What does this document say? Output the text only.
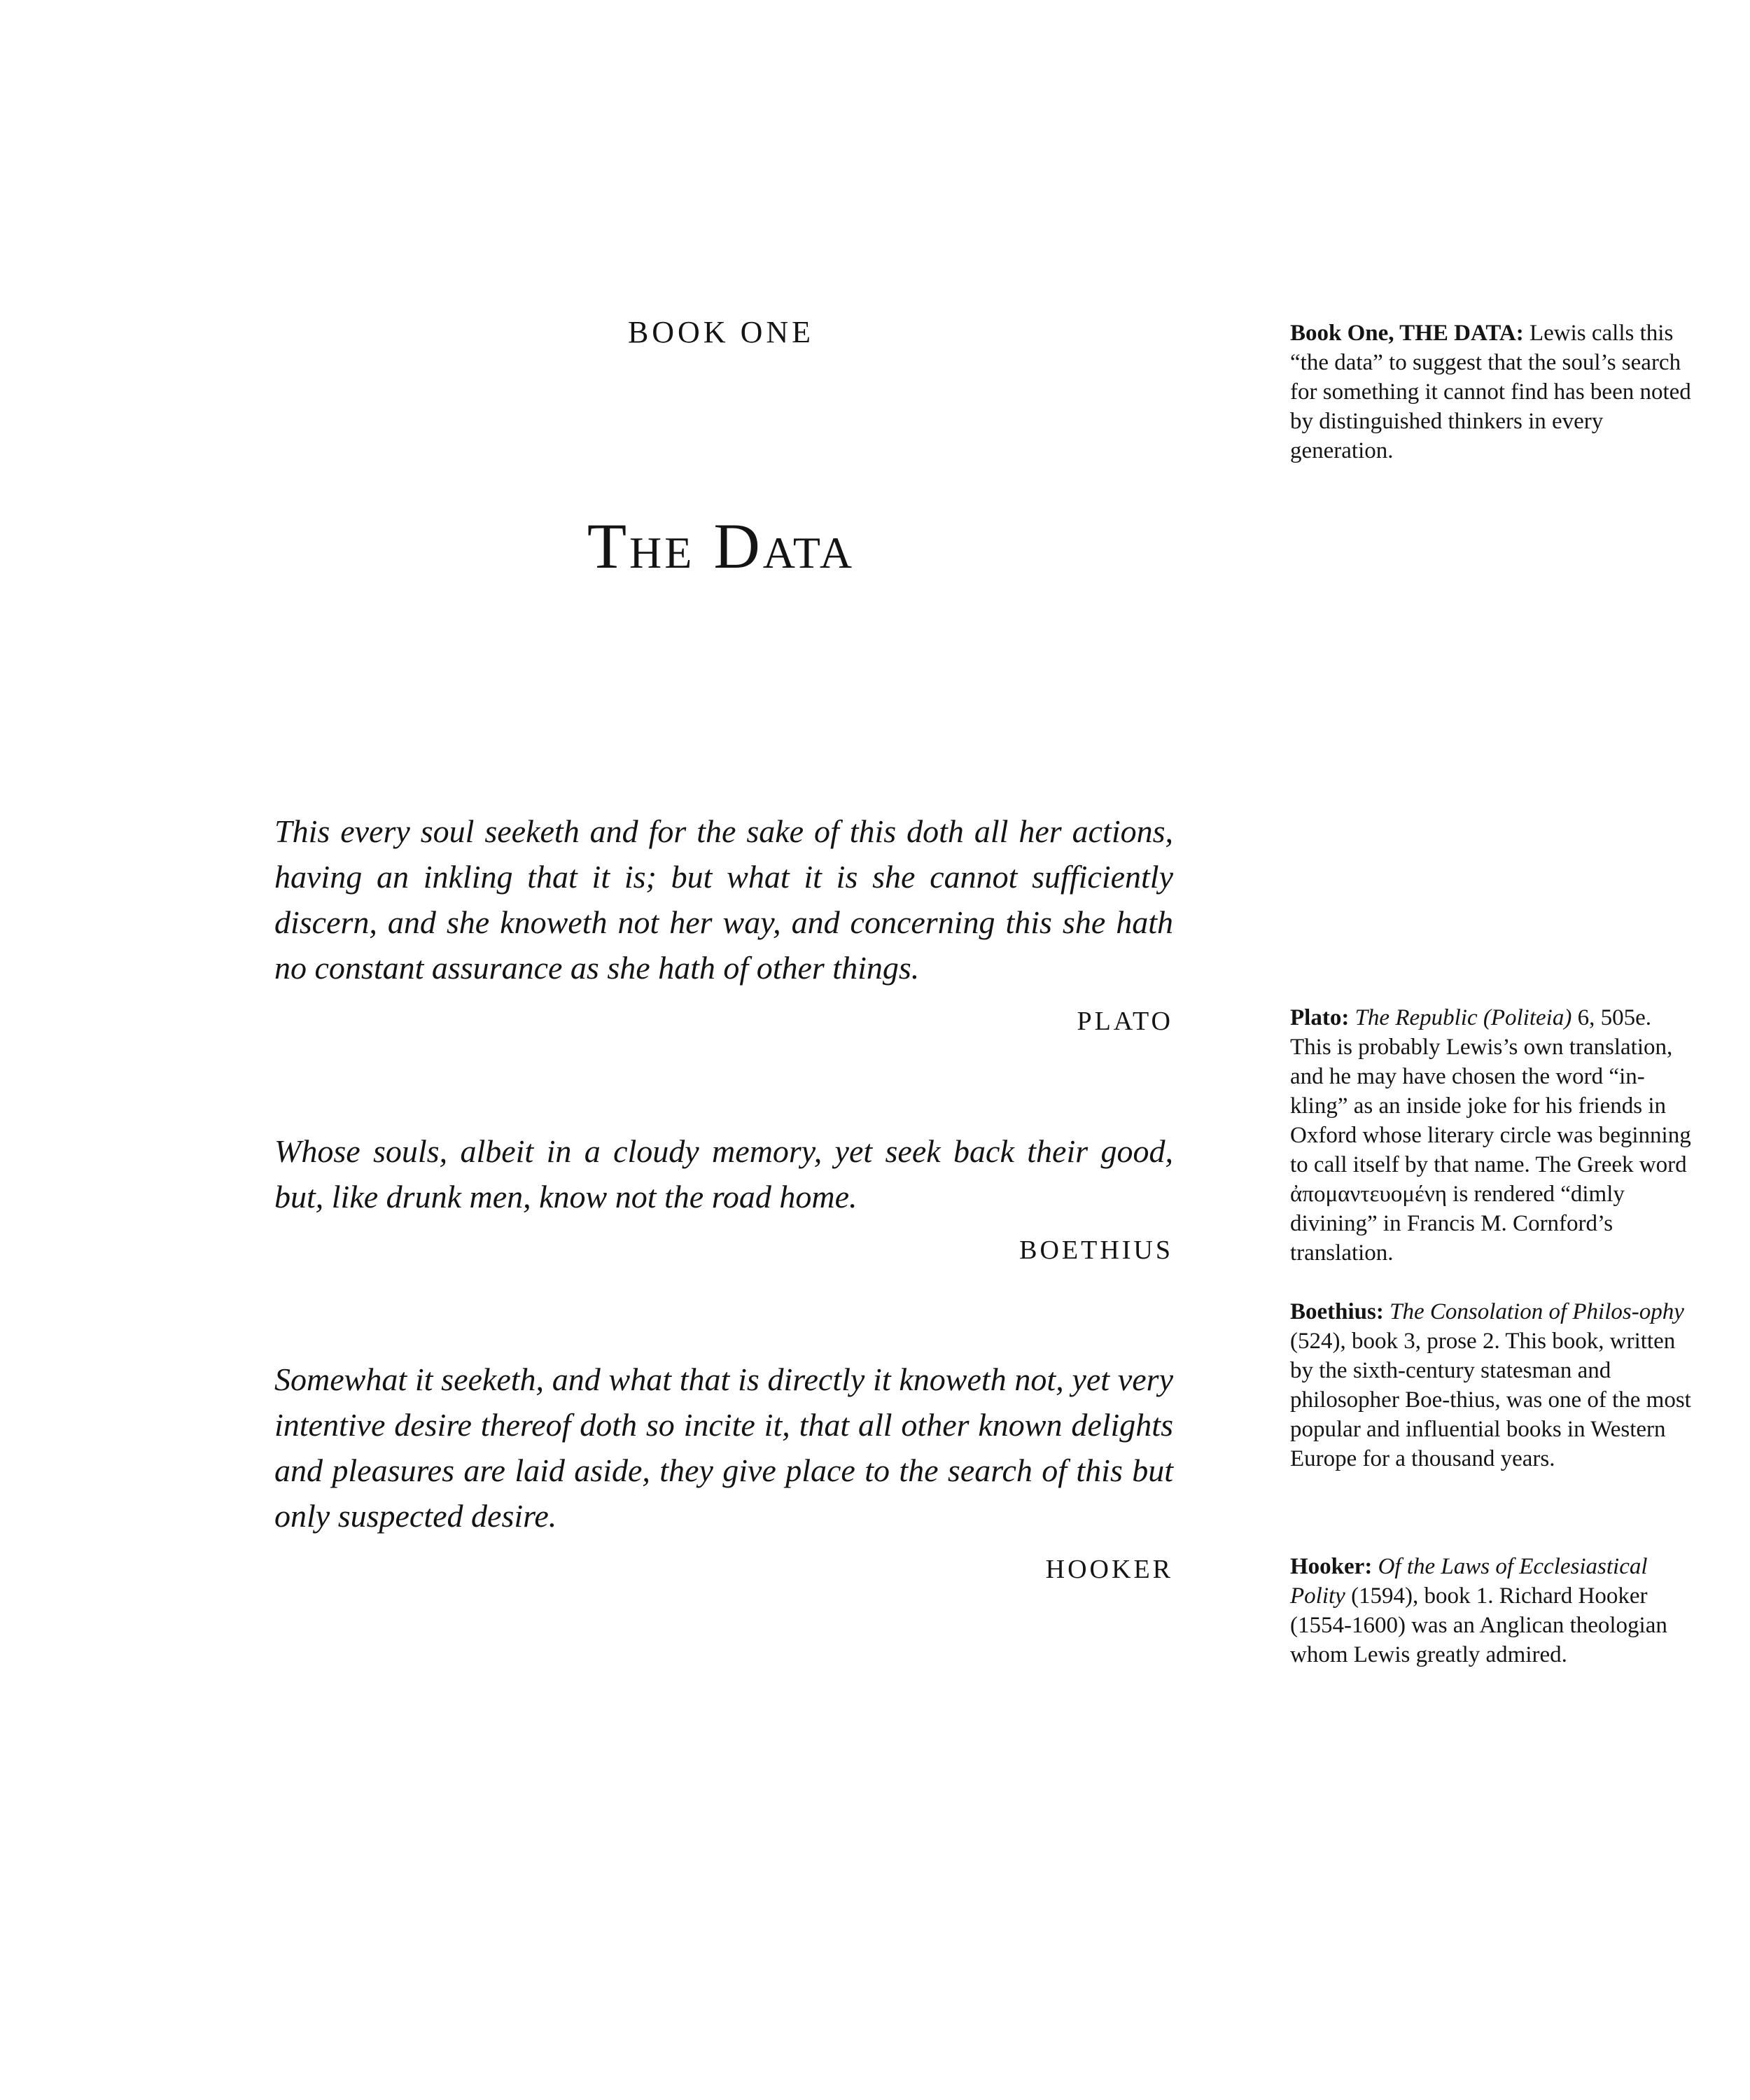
BOOK ONE
The Data

This every soul seeketh and for the sake of this doth all her actions, having an inkling that it is; but what it is she cannot sufficiently discern, and she knoweth not her way, and concerning this she hath no constant assurance as she hath of other things.

PLATO

Whose souls, albeit in a cloudy memory, yet seek back their good, but, like drunk men, know not the road home.

BOETHIUS

Somewhat it seeketh, and what that is directly it knoweth not, yet very intentive desire thereof doth so incite it, that all other known delights and pleasures are laid aside, they give place to the search of this but only suspected desire.

HOOKER

Book One, THE DATA: Lewis calls this “the data” to suggest that the soul’s search for something it cannot find has been noted by distinguished thinkers in every generation.

Plato: The Republic (Politeia) 6, 505e. This is probably Lewis’s own translation, and he may have chosen the word “in-kling” as an inside joke for his friends in Oxford whose literary circle was beginning to call itself by that name. The Greek word ἀπομαντευομένη is rendered “dimly divining” in Francis M. Cornford’s translation.

Boethius: The Consolation of Philos-ophy (524), book 3, prose 2. This book, written by the sixth-century statesman and philosopher Boe-thius, was one of the most popular and influential books in Western Europe for a thousand years.

Hooker: Of the Laws of Ecclesiastical Polity (1594), book 1. Richard Hooker (1554-1600) was an Anglican theologian whom Lewis greatly admired.
